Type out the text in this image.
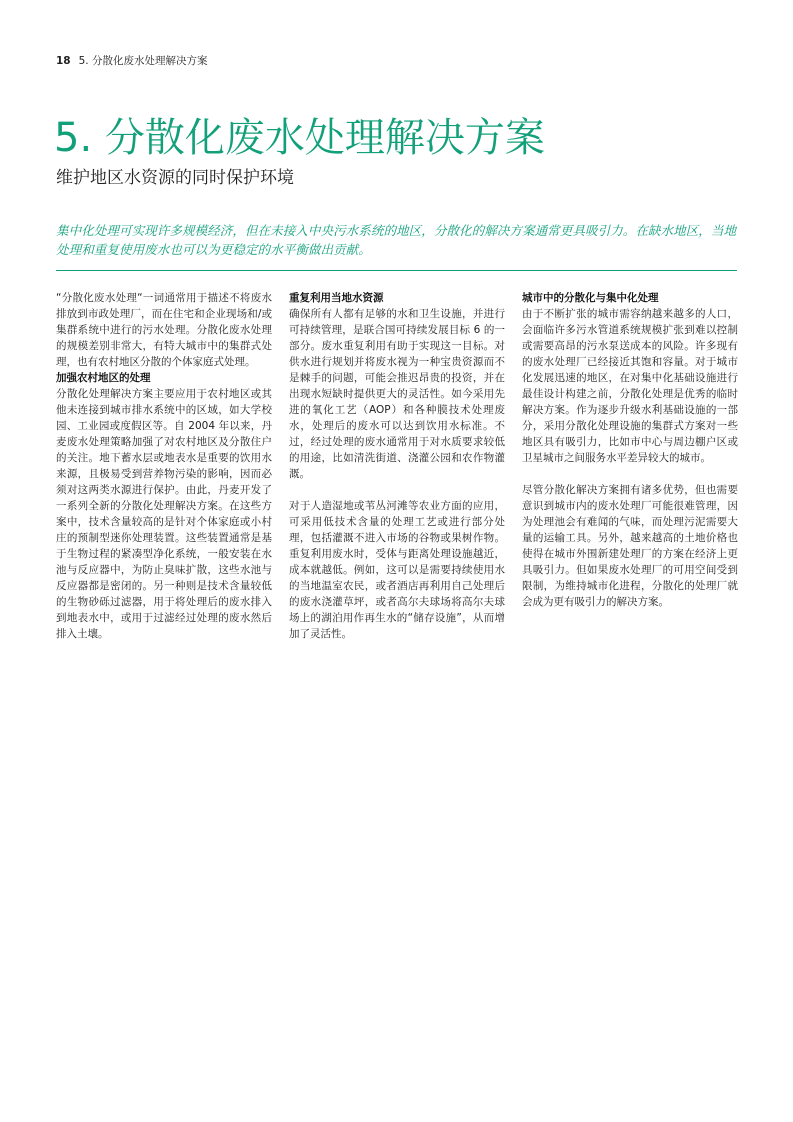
18 5. 分散化废水处理解决方案
5. 分散化废水处理解决方案
维护地区水资源的同时保护环境

集中化处理可实现许多规模经济，但在未接入中央污水系统的地区，分散化的解决方案通常更具吸引力。在缺水地区，当地处理和重复使用废水也可以为更稳定的水平衡做出贡献。

“分散化废水处理“一词通常用于描述不将废水排放到市政处理厂，而在住宅和企业现场和/或集群系统中进行的污水处理。分散化废水处理的规模差别非常大，有特大城市中的集群式处理，也有农村地区分散的个体家庭式处理。

加强农村地区的处理

分散化处理解决方案主要应用于农村地区或其他未连接到城市排水系统中的区域，如大学校园、工业园或度假区等。自 2004 年以来，丹麦废水处理策略加强了对农村地区及分散住户的关注。地下蓄水层或地表水是重要的饮用水来源，且极易受到营养物污染的影响，因而必须对这两类水源进行保护。由此，丹麦开发了一系列全新的分散化处理解决方案。在这些方案中，技术含量较高的是针对个体家庭或小村庄的预制型迷你处理装置。这些装置通常是基于生物过程的紧凑型净化系统，一般安装在水池与反应器中，为防止臭味扩散，这些水池与反应器都是密闭的。另一种则是技术含量较低的生物砂砾过滤器，用于将处理后的废水排入到地表水中，或用于过滤经过处理的废水然后排入土壤。

重复利用当地水资源

确保所有人都有足够的水和卫生设施，并进行可持续管理，是联合国可持续发展目标 6 的一部分。废水重复利用有助于实现这一目标。对供水进行规划并将废水视为一种宝贵资源而不是棘手的问题，可能会推迟昂贵的投资，并在出现水短缺时提供更大的灵活性。如今采用先进的氧化工艺（AOP）和各种膜技术处理废水，处理后的废水可以达到饮用水标准。不过，经过处理的废水通常用于对水质要求较低的用途，比如清洗街道、浇灌公园和农作物灌溉。

对于人造湿地或苇丛河滩等农业方面的应用，可采用低技术含量的处理工艺或进行部分处理，包括灌溉不进入市场的谷物或果树作物。重复利用废水时，受体与距离处理设施越近，成本就越低。例如，这可以是需要持续使用水的当地温室农民，或者酒店再利用自己处理后的废水浇灌草坪，或者高尔夫球场将高尔夫球场上的湖泊用作再生水的“储存设施”，从而增加了灵活性。

城市中的分散化与集中化处理

由于不断扩张的城市需容纳越来越多的人口，会面临许多污水管道系统规模扩张到难以控制或需要高昂的污水泵送成本的风险。许多现有的废水处理厂已经接近其饱和容量。对于城市化发展迅速的地区，在对集中化基础设施进行最佳设计构建之前，分散化处理是优秀的临时解决方案。作为逐步升级水利基础设施的一部分，采用分散化处理设施的集群式方案对一些地区具有吸引力，比如市中心与周边棚户区或卫星城市之间服务水平差异较大的城市。

尽管分散化解决方案拥有诸多优势，但也需要意识到城市内的废水处理厂可能很难管理，因为处理池会有难闻的气味，而处理污泥需要大量的运输工具。另外，越来越高的土地价格也使得在城市外围新建处理厂的方案在经济上更具吸引力。但如果废水处理厂的可用空间受到限制，为维持城市化进程，分散化的处理厂就会成为更有吸引力的解决方案。
